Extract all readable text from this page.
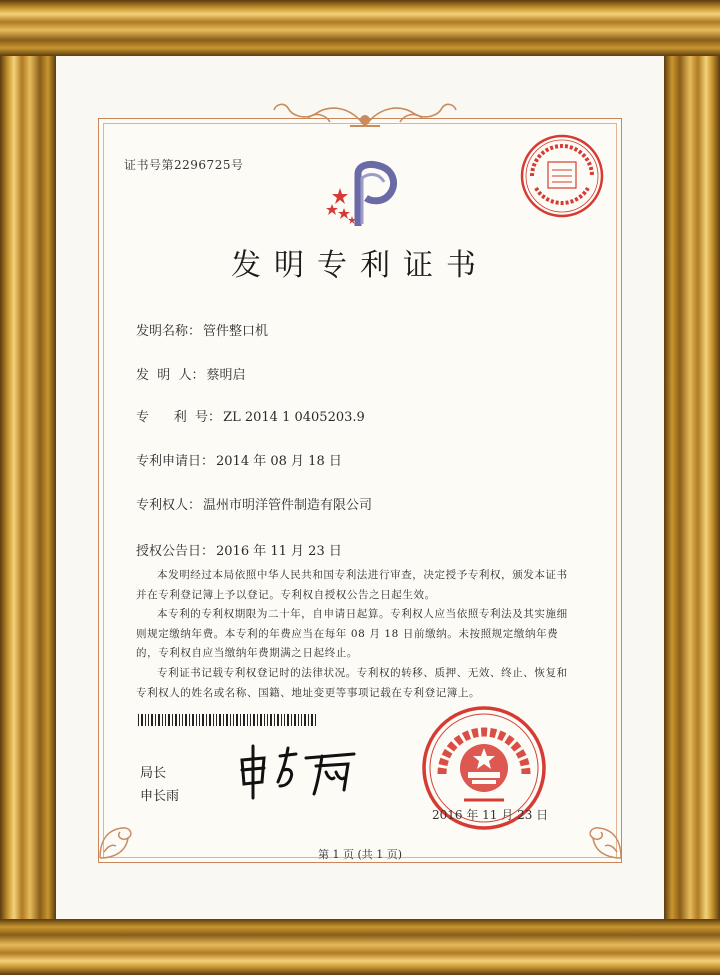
证书号第2296725号
发明专利证书
发明名称： 管件整口机
发  明  人： 蔡明启
专      利  号： ZL 2014 1 0405203.9
专利申请日： 2014 年 08 月 18 日
专利权人： 温州市明洋管件制造有限公司
授权公告日： 2016 年 11 月 23 日
本发明经过本局依照中华人民共和国专利法进行审查，决定授予专利权，颁发本证书并在专利登记簿上予以登记。专利权自授权公告之日起生效。
本专利的专利权期限为二十年，自申请日起算。专利权人应当依照专利法及其实施细则规定缴纳年费。本专利的年费应当在每年 08 月 18 日前缴纳。未按照规定缴纳年费的，专利权自应当缴纳年费期满之日起终止。
专利证书记载专利权登记时的法律状况。专利权的转移、质押、无效、终止、恢复和专利权人的姓名或名称、国籍、地址变更等事项记载在专利登记簿上。
局长
申长雨
2016 年 11 月 23 日
第 1 页 (共 1 页)
